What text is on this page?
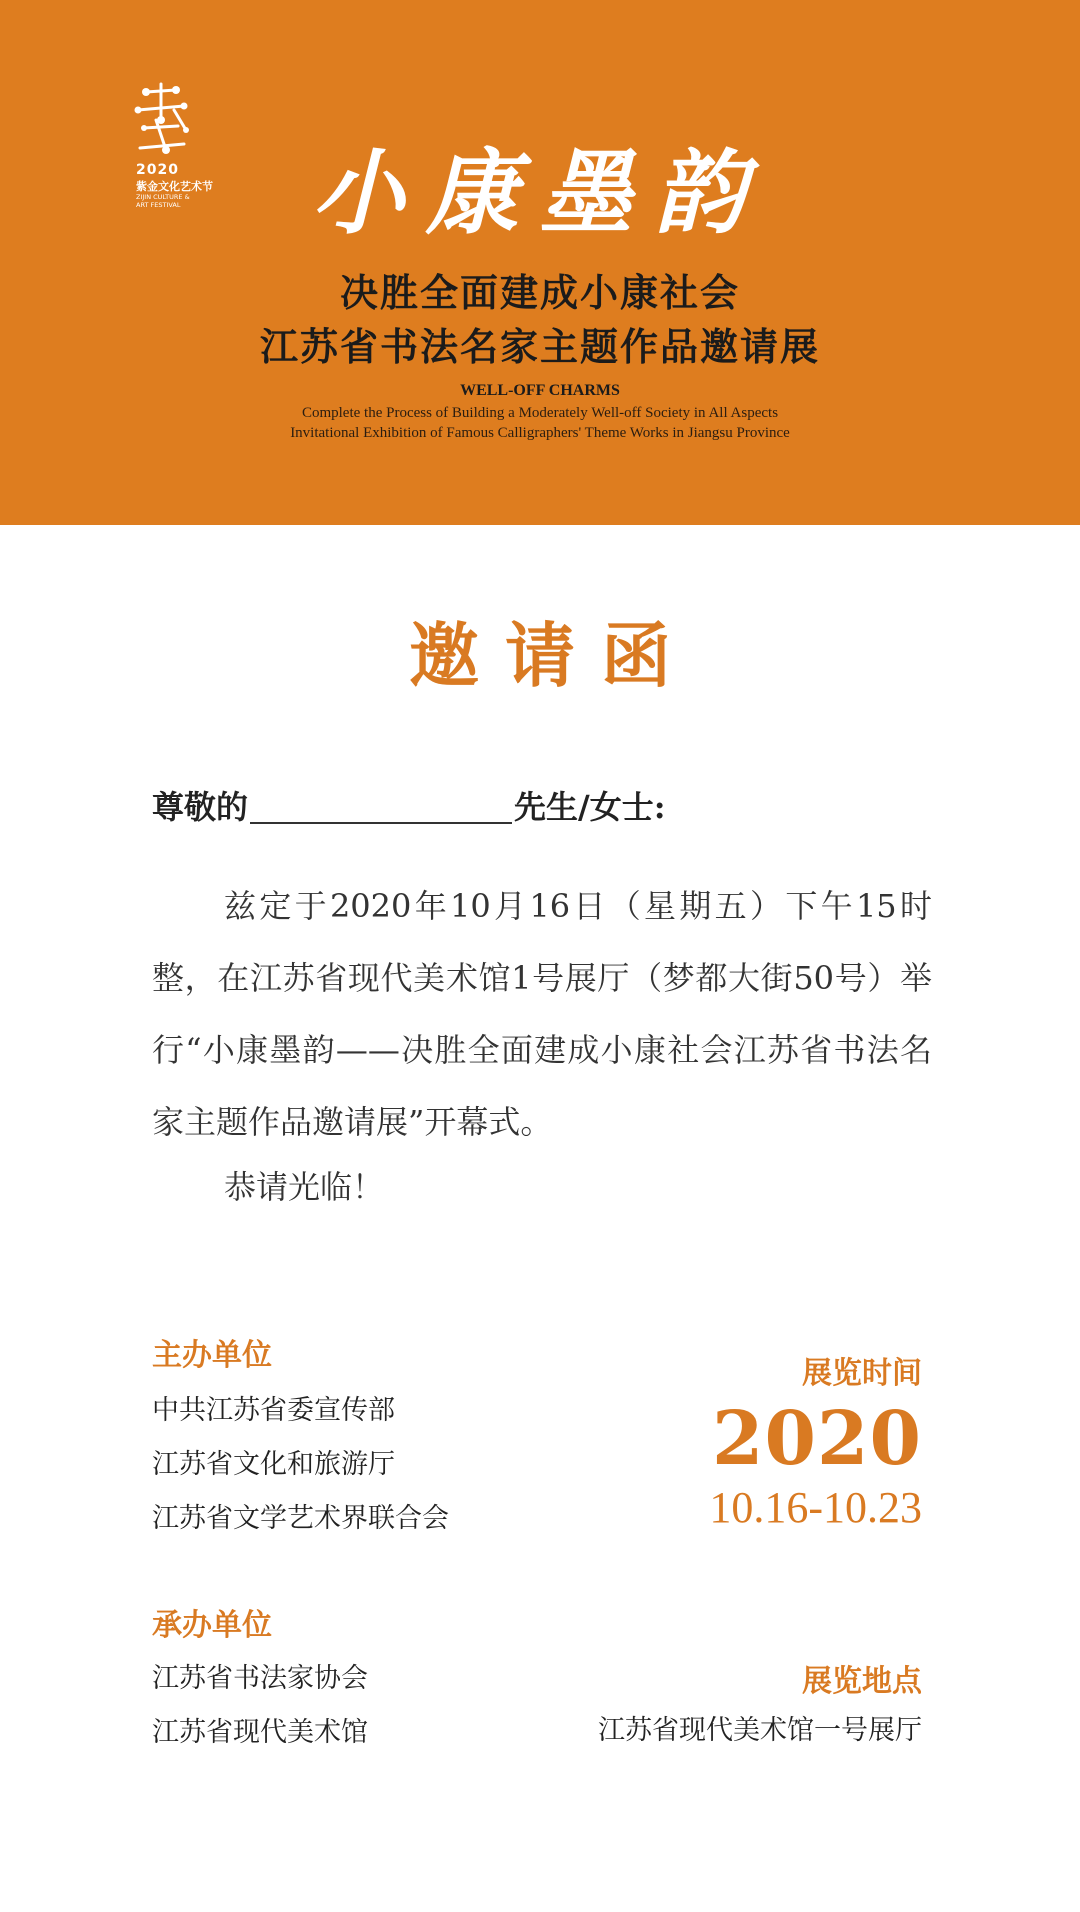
2020
紫金文化艺术节
ZIJIN CULTURE & ART FESTIVAL	小康墨韵
决胜全面建成小康社会
江苏省书法名家主题作品邀请展
WELL-OFF CHARMS
Complete the Process of Building a Moderately Well-off Society in All Aspects
Invitational Exhibition of Famous Calligraphers' Theme Works in Jiangsu Province
邀请函
尊敬的	先生/女士:

兹定于2020年10月16日（星期五）下午15时整，在江苏省现代美术馆1号展厅（梦都大街50号）举行“小康墨韵——决胜全面建成小康社会江苏省书法名家主题作品邀请展”开幕式。

恭请光临！
主办单位
中共江苏省委宣传部
江苏省文化和旅游厅
江苏省文学艺术界联合会
承办单位
江苏省书法家协会
江苏省现代美术馆
展览时间
2020
10.16-10.23
展览地点
江苏省现代美术馆一号展厅
